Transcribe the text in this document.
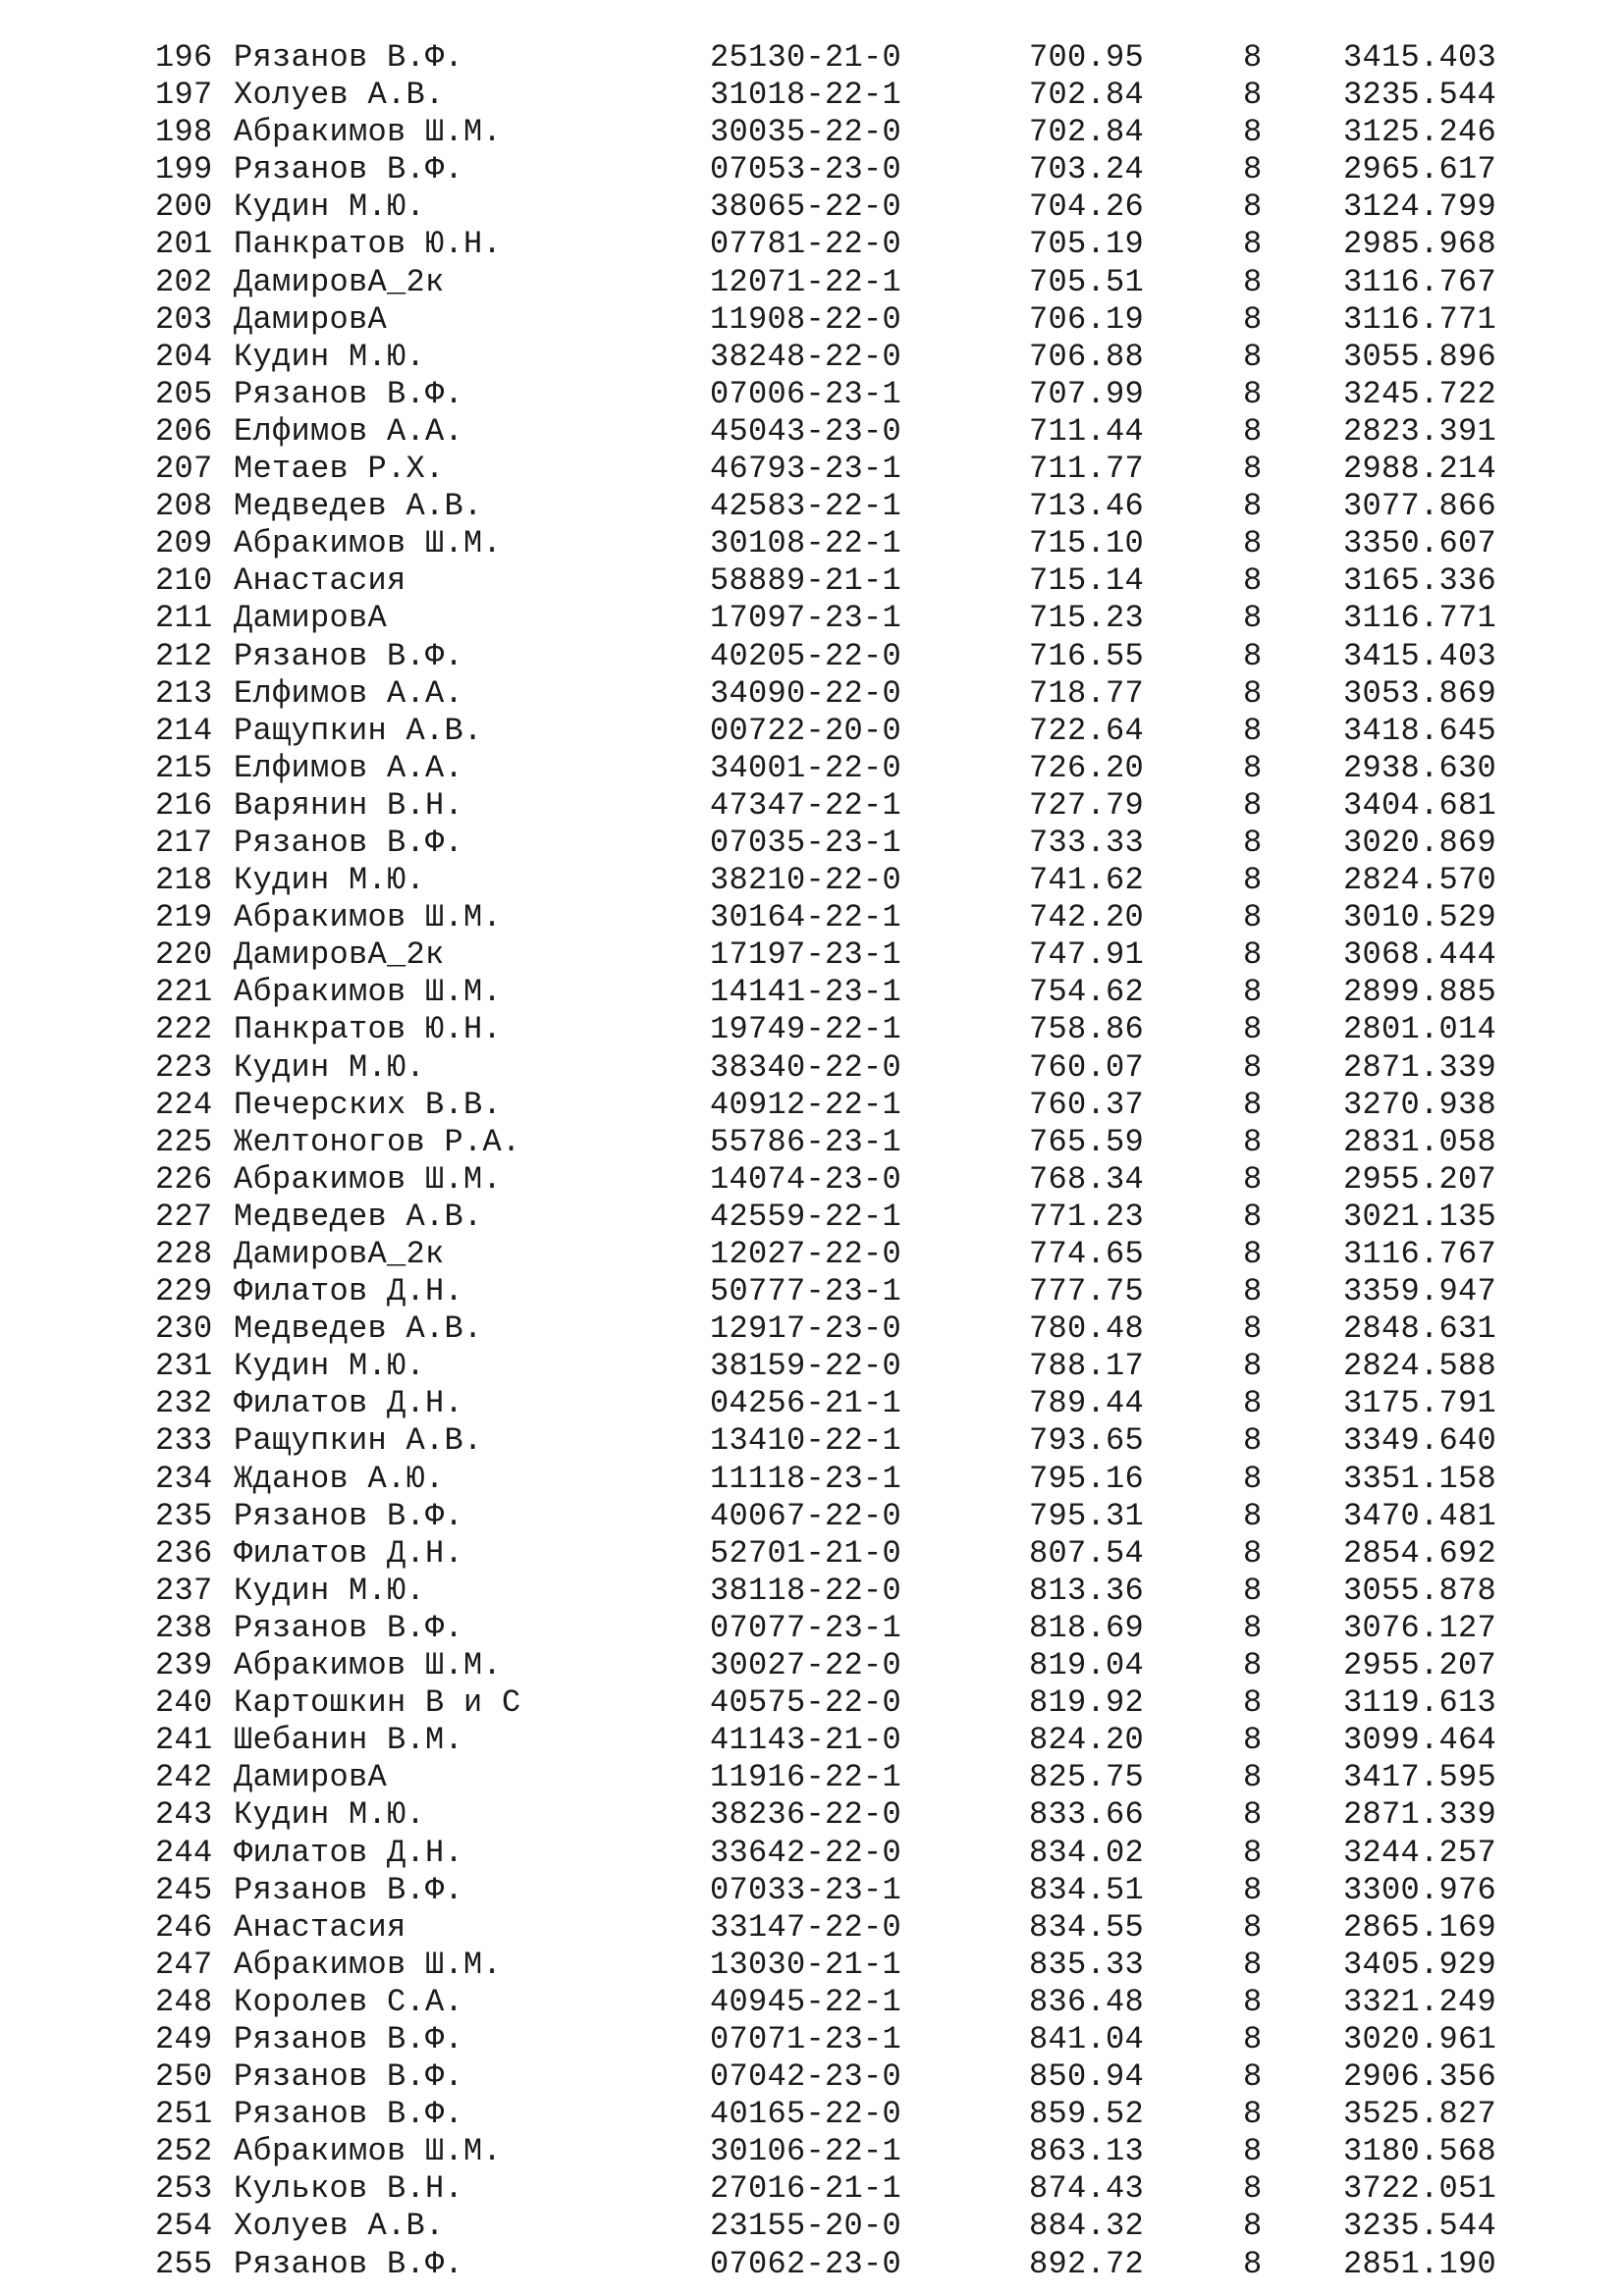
196 Рязанов В.Ф.	25130-21-0	700.95	8	3415.403
197 Холуев А.В.	31018-22-1	702.84	8	3235.544
198 Абракимов Ш.М.	30035-22-0	702.84	8	3125.246
199 Рязанов В.Ф.	07053-23-0	703.24	8	2965.617
200 Кудин М.Ю.	38065-22-0	704.26	8	3124.799
201 Панкратов Ю.Н.	07781-22-0	705.19	8	2985.968
202 ДамировА_2к	12071-22-1	705.51	8	3116.767
203 ДамировА	11908-22-0	706.19	8	3116.771
204 Кудин М.Ю.	38248-22-0	706.88	8	3055.896
205 Рязанов В.Ф.	07006-23-1	707.99	8	3245.722
206 Елфимов А.А.	45043-23-0	711.44	8	2823.391
207 Метаев Р.Х.	46793-23-1	711.77	8	2988.214
208 Медведев А.В.	42583-22-1	713.46	8	3077.866
209 Абракимов Ш.М.	30108-22-1	715.10	8	3350.607
210 Анастасия	58889-21-1	715.14	8	3165.336
211 ДамировА	17097-23-1	715.23	8	3116.771
212 Рязанов В.Ф.	40205-22-0	716.55	8	3415.403
213 Елфимов А.А.	34090-22-0	718.77	8	3053.869
214 Ращупкин А.В.	00722-20-0	722.64	8	3418.645
215 Елфимов А.А.	34001-22-0	726.20	8	2938.630
216 Варянин В.Н.	47347-22-1	727.79	8	3404.681
217 Рязанов В.Ф.	07035-23-1	733.33	8	3020.869
218 Кудин М.Ю.	38210-22-0	741.62	8	2824.570
219 Абракимов Ш.М.	30164-22-1	742.20	8	3010.529
220 ДамировА_2к	17197-23-1	747.91	8	3068.444
221 Абракимов Ш.М.	14141-23-1	754.62	8	2899.885
222 Панкратов Ю.Н.	19749-22-1	758.86	8	2801.014
223 Кудин М.Ю.	38340-22-0	760.07	8	2871.339
224 Печерских В.В.	40912-22-1	760.37	8	3270.938
225 Желтоногов Р.А.	55786-23-1	765.59	8	2831.058
226 Абракимов Ш.М.	14074-23-0	768.34	8	2955.207
227 Медведев А.В.	42559-22-1	771.23	8	3021.135
228 ДамировА_2к	12027-22-0	774.65	8	3116.767
229 Филатов Д.Н.	50777-23-1	777.75	8	3359.947
230 Медведев А.В.	12917-23-0	780.48	8	2848.631
231 Кудин М.Ю.	38159-22-0	788.17	8	2824.588
232 Филатов Д.Н.	04256-21-1	789.44	8	3175.791
233 Ращупкин А.В.	13410-22-1	793.65	8	3349.640
234 Жданов А.Ю.	11118-23-1	795.16	8	3351.158
235 Рязанов В.Ф.	40067-22-0	795.31	8	3470.481
236 Филатов Д.Н.	52701-21-0	807.54	8	2854.692
237 Кудин М.Ю.	38118-22-0	813.36	8	3055.878
238 Рязанов В.Ф.	07077-23-1	818.69	8	3076.127
239 Абракимов Ш.М.	30027-22-0	819.04	8	2955.207
240 Картошкин В и С	40575-22-0	819.92	8	3119.613
241 Шебанин В.М.	41143-21-0	824.20	8	3099.464
242 ДамировА	11916-22-1	825.75	8	3417.595
243 Кудин М.Ю.	38236-22-0	833.66	8	2871.339
244 Филатов Д.Н.	33642-22-0	834.02	8	3244.257
245 Рязанов В.Ф.	07033-23-1	834.51	8	3300.976
246 Анастасия	33147-22-0	834.55	8	2865.169
247 Абракимов Ш.М.	13030-21-1	835.33	8	3405.929
248 Королев С.А.	40945-22-1	836.48	8	3321.249
249 Рязанов В.Ф.	07071-23-1	841.04	8	3020.961
250 Рязанов В.Ф.	07042-23-0	850.94	8	2906.356
251 Рязанов В.Ф.	40165-22-0	859.52	8	3525.827
252 Абракимов Ш.М.	30106-22-1	863.13	8	3180.568
253 Кульков В.Н.	27016-21-1	874.43	8	3722.051
254 Холуев А.В.	23155-20-0	884.32	8	3235.544
255 Рязанов В.Ф.	07062-23-0	892.72	8	2851.190
